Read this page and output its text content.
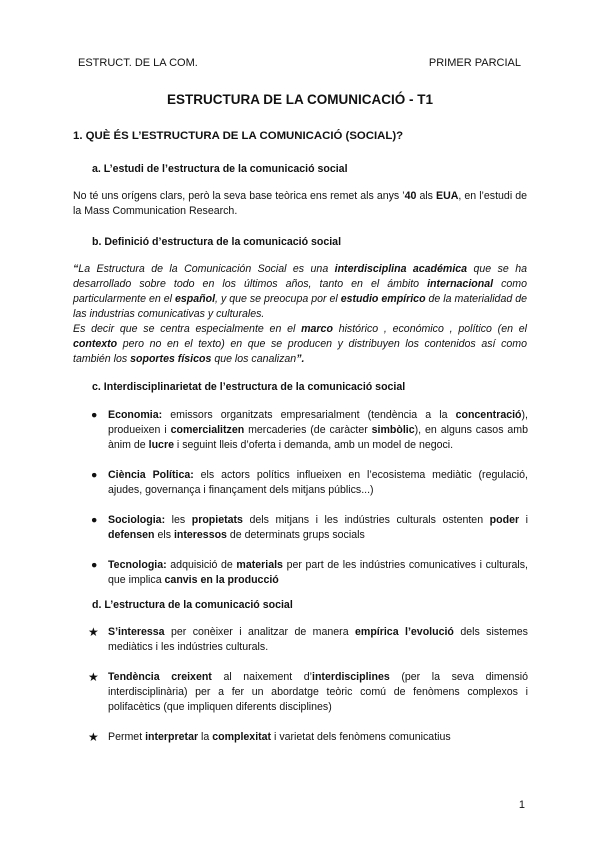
ESTRUCT. DE LA COM.	PRIMER PARCIAL
ESTRUCTURA DE LA COMUNICACIÓ - T1
1. QUÈ ÉS L’ESTRUCTURA DE LA COMUNICACIÓ (SOCIAL)?
a. L’estudi de l’estructura de la comunicació social
No té uns orígens clars, però la seva base teòrica ens remet als anys ’40 als EUA, en l’estudi de la Mass Communication Research.
b. Definició d’estructura de la comunicació social
“La Estructura de la Comunicación Social es una interdisciplina académica que se ha desarrollado sobre todo en los últimos años, tanto en el ámbito internacional como particularmente en el español, y que se preocupa por el estudio empírico de la materialidad de las industrias comunicativas y culturales.
Es decir que se centra especialmente en el marco histórico , económico , político (en el contexto pero no en el texto) en que se producen y distribuyen los contenidos así como también los soportes físicos que los canalizan”.
c. Interdisciplinarietat de l’estructura de la comunicació social
● Economia: emissors organitzats empresarialment (tendència a la concentració), produeixen i comercialitzen mercaderies (de caràcter simbòlic), en alguns casos amb ànim de lucre i seguint lleis d’oferta i demanda, amb un model de negoci.
● Ciència Política: els actors polítics influeixen en l’ecosistema mediàtic (regulació, ajudes, governança i finançament dels mitjans públics...)
● Sociologia: les propietats dels mitjans i les indústries culturals ostenten poder i defensen els interessos de determinats grups socials
● Tecnologia: adquisició de materials per part de les indústries comunicatives i culturals, que implica canvis en la producció
d. L’estructura de la comunicació social
★ S’interessa per conèixer i analitzar de manera empírica l’evolució dels sistemes mediàtics i les indústries culturals.
★ Tendència creixent al naixement d’interdisciplines (per la seva dimensió interdisciplinària) per a fer un abordatge teòric comú de fenòmens complexos i polifacètics (que impliquen diferents disciplines)
★ Permet interpretar la complexitat i varietat dels fenòmens comunicatius
1
